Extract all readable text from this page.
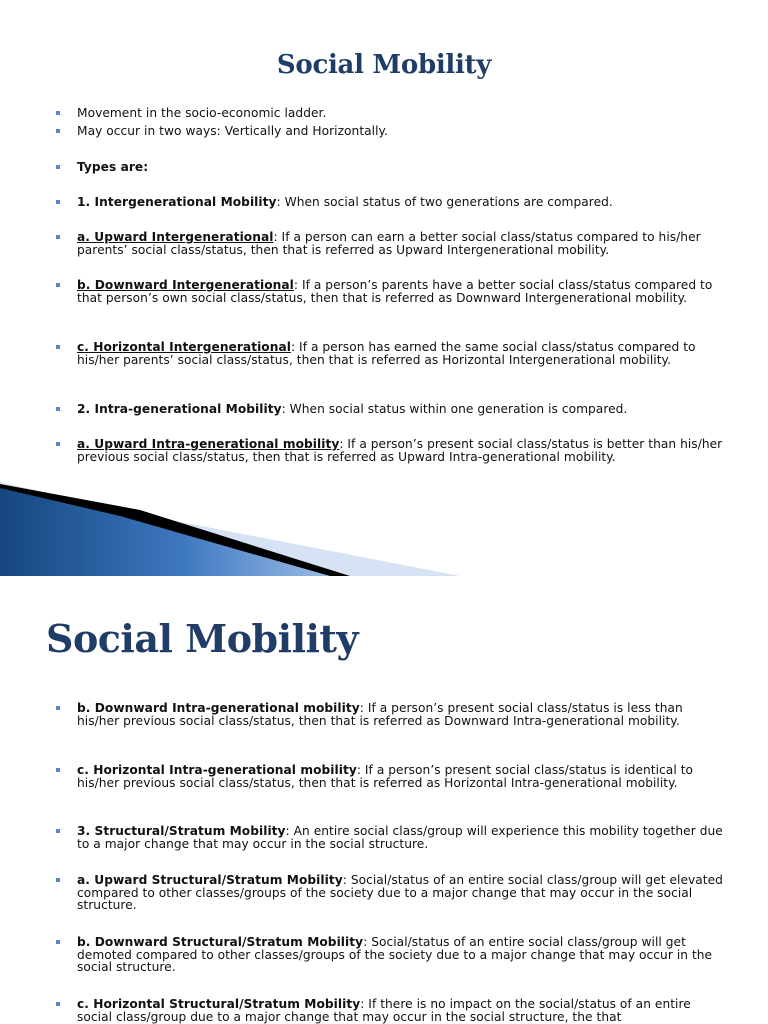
Social Mobility
Movement in the socio-economic ladder.
May occur in two ways: Vertically and Horizontally.
Types are:
1. Intergenerational Mobility: When social status of two generations are compared.
a. Upward Intergenerational: If a person can earn a better social class/status compared to his/her parents’ social class/status, then that is referred as Upward Intergenerational mobility.
b. Downward Intergenerational: If a person’s parents have a better social class/status compared to that person’s own social class/status, then that is referred as Downward Intergenerational mobility.
c. Horizontal Intergenerational: If a person has earned the same social class/status compared to his/her parents’ social class/status, then that is referred as Horizontal Intergenerational mobility.
2. Intra-generational Mobility: When social status within one generation is compared.
a. Upward Intra-generational mobility: If a person’s present social class/status is better than his/her previous social class/status, then that is referred as Upward Intra-generational mobility.
Social Mobility
b. Downward Intra-generational mobility: If a person’s present social class/status is less than his/her previous social class/status, then that is referred as Downward Intra-generational mobility.
c. Horizontal Intra-generational mobility: If a person’s present social class/status is identical to his/her previous social class/status, then that is referred as Horizontal Intra-generational mobility.
3. Structural/Stratum Mobility: An entire social class/group will experience this mobility together due to a major change that may occur in the social structure.
a. Upward Structural/Stratum Mobility: Social/status of an entire social class/group will get elevated compared to other classes/groups of the society due to a major change that may occur in the social structure.
b. Downward Structural/Stratum Mobility: Social/status of an entire social class/group will get demoted compared to other classes/groups of the society due to a major change that may occur in the social structure.
c. Horizontal Structural/Stratum Mobility: If there is no impact on the social/status of an entire social class/group due to a major change that may occur in the social structure, the that
